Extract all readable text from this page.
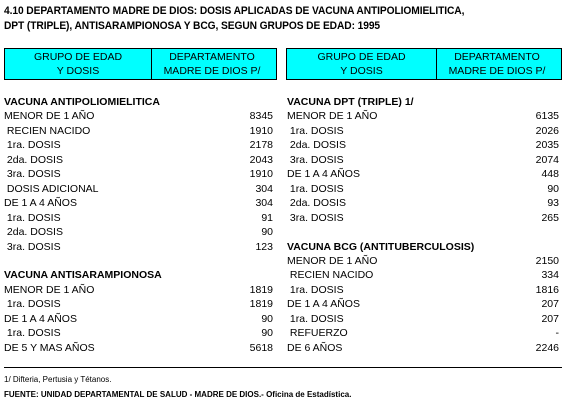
4.10 DEPARTAMENTO MADRE DE DIOS: DOSIS APLICADAS DE VACUNA ANTIPOLIOMIELITICA,
DPT (TRIPLE), ANTISARAMPIONOSA Y BCG, SEGUN GRUPOS DE EDAD: 1995
GRUPO DE EDAD
Y DOSIS
DEPARTAMENTO
MADRE DE DIOS P/
GRUPO DE EDAD
Y DOSIS
DEPARTAMENTO
MADRE DE DIOS P/
VACUNA ANTIPOLIOMIELITICA
MENOR DE 1 AÑO	8345
RECIEN NACIDO	1910
1ra. DOSIS	2178
2da. DOSIS	2043
3ra. DOSIS	1910
DOSIS ADICIONAL	304
DE 1 A 4 AÑOS	304
1ra. DOSIS	91
2da. DOSIS	90
3ra. DOSIS	123
VACUNA ANTISARAMPIONOSA
MENOR DE 1 AÑO	1819
1ra. DOSIS	1819
DE 1 A 4 AÑOS	90
1ra. DOSIS	90
DE 5 Y MAS AÑOS	5618
VACUNA DPT (TRIPLE) 1/
MENOR DE 1 AÑO	6135
1ra. DOSIS	2026
2da. DOSIS	2035
3ra. DOSIS	2074
DE 1 A 4 AÑOS	448
1ra. DOSIS	90
2da. DOSIS	93
3ra. DOSIS	265
VACUNA BCG (ANTITUBERCULOSIS)
MENOR DE 1 AÑO	2150
RECIEN NACIDO	334
1ra. DOSIS	1816
DE 1 A 4 AÑOS	207
1ra. DOSIS	207
REFUERZO	-
DE 6 AÑOS	2246
1/ Difteria, Pertusia y Tétanos.
FUENTE: UNIDAD DEPARTAMENTAL DE SALUD - MADRE DE DIOS.- Oficina de Estadística.
